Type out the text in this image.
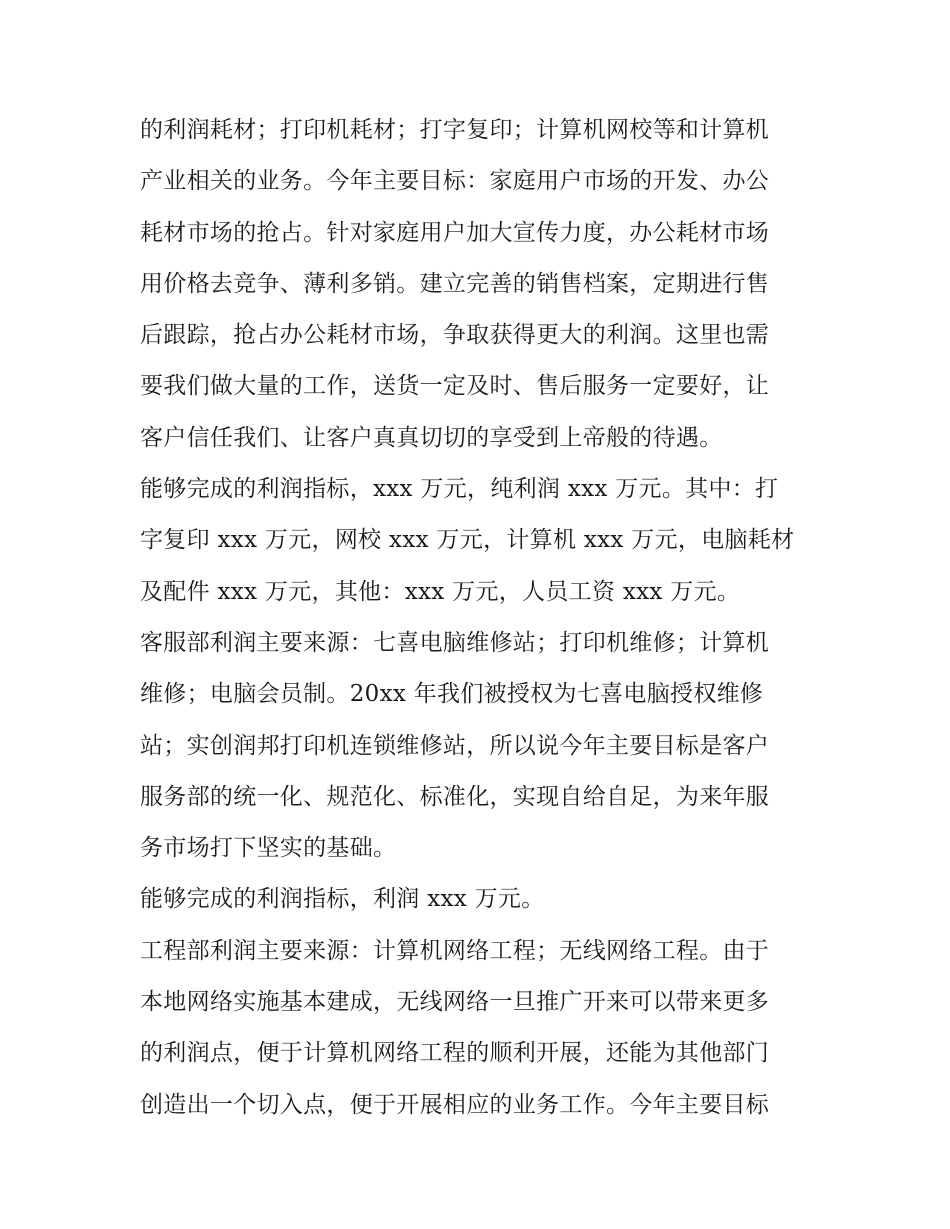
的利润耗材；打印机耗材；打字复印；计算机网校等和计算机
产业相关的业务。今年主要目标：家庭用户市场的开发、办公
耗材市场的抢占。针对家庭用户加大宣传力度，办公耗材市场
用价格去竞争、薄利多销。建立完善的销售档案，定期进行售
后跟踪，抢占办公耗材市场，争取获得更大的利润。这里也需
要我们做大量的工作，送货一定及时、售后服务一定要好，让
客户信任我们、让客户真真切切的享受到上帝般的待遇。
能够完成的利润指标，xxx 万元，纯利润 xxx 万元。其中：打
字复印 xxx 万元，网校 xxx 万元，计算机 xxx 万元，电脑耗材
及配件 xxx 万元，其他：xxx 万元，人员工资 xxx 万元。
客服部利润主要来源：七喜电脑维修站；打印机维修；计算机
维修；电脑会员制。20xx 年我们被授权为七喜电脑授权维修
站；实创润邦打印机连锁维修站，所以说今年主要目标是客户
服务部的统一化、规范化、标准化，实现自给自足，为来年服
务市场打下坚实的基础。
能够完成的利润指标，利润 xxx 万元。
工程部利润主要来源：计算机网络工程；无线网络工程。由于
本地网络实施基本建成，无线网络一旦推广开来可以带来更多
的利润点，便于计算机网络工程的顺利开展，还能为其他部门
创造出一个切入点，便于开展相应的业务工作。今年主要目标
